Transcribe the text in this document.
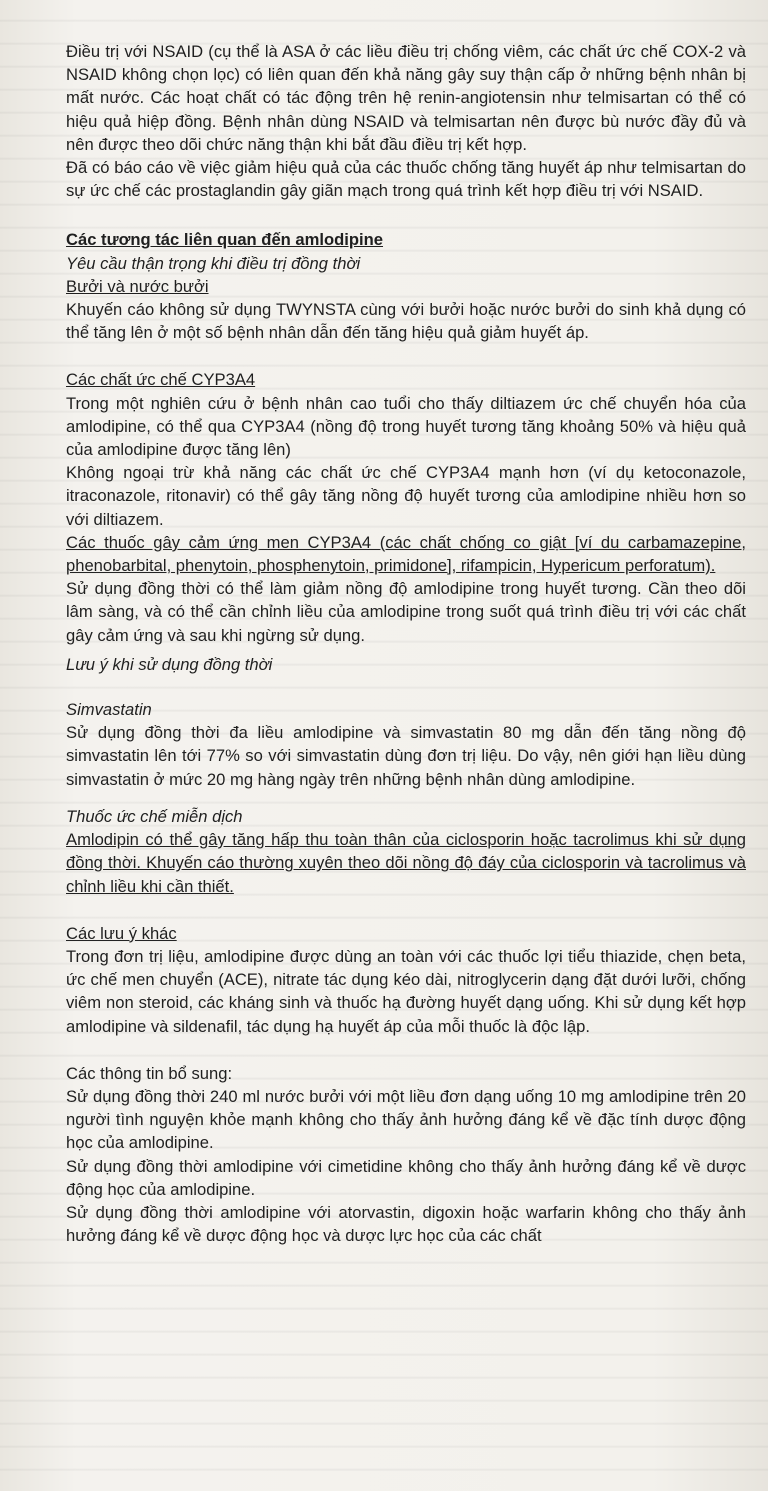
Điều trị với NSAID (cụ thể là ASA ở các liều điều trị chống viêm, các chất ức chế COX-2 và NSAID không chọn lọc) có liên quan đến khả năng gây suy thận cấp ở những bệnh nhân bị mất nước. Các hoạt chất có tác động trên hệ renin-angiotensin như telmisartan có thể có hiệu quả hiệp đồng. Bệnh nhân dùng NSAID và telmisartan nên được bù nước đầy đủ và nên được theo dõi chức năng thận khi bắt đầu điều trị kết hợp.

Đã có báo cáo về việc giảm hiệu quả của các thuốc chống tăng huyết áp như telmisartan do sự ức chế các prostaglandin gây giãn mạch trong quá trình kết hợp điều trị với NSAID.

Các tương tác liên quan đến amlodipine

Yêu cầu thận trọng khi điều trị đồng thời

Bưởi và nước bưởi

Khuyến cáo không sử dụng TWYNSTA cùng với bưởi hoặc nước bưởi do sinh khả dụng có thể tăng lên ở một số bệnh nhân dẫn đến tăng hiệu quả giảm huyết áp.

Các chất ức chế CYP3A4

Trong một nghiên cứu ở bệnh nhân cao tuổi cho thấy diltiazem ức chế chuyển hóa của amlodipine, có thể qua CYP3A4 (nồng độ trong huyết tương tăng khoảng 50% và hiệu quả của amlodipine được tăng lên)

Không ngoại trừ khả năng các chất ức chế CYP3A4 mạnh hơn (ví dụ ketoconazole, itraconazole, ritonavir) có thể gây tăng nồng độ huyết tương của amlodipine nhiều hơn so với diltiazem.

Các thuốc gây cảm ứng men CYP3A4 (các chất chống co giật [ví du carbamazepine, phenobarbital, phenytoin, phosphenytoin, primidone], rifampicin, Hypericum perforatum).

Sử dụng đồng thời có thể làm giảm nồng độ amlodipine trong huyết tương. Cần theo dõi lâm sàng, và có thể cần chỉnh liều của amlodipine trong suốt quá trình điều trị với các chất gây cảm ứng và sau khi ngừng sử dụng.

Lưu ý khi sử dụng đồng thời

Simvastatin

Sử dụng đồng thời đa liều amlodipine và simvastatin 80 mg dẫn đến tăng nồng độ simvastatin lên tới 77% so với simvastatin dùng đơn trị liệu. Do vậy, nên giới hạn liều dùng simvastatin ở mức 20 mg hàng ngày trên những bệnh nhân dùng amlodipine.

Thuốc ức chế miễn dịch

Amlodipin có thể gây tăng hấp thu toàn thân của ciclosporin hoặc tacrolimus khi sử dụng đồng thời. Khuyến cáo thường xuyên theo dõi nồng độ đáy của ciclosporin và tacrolimus và chỉnh liều khi cần thiết.

Các lưu ý khác

Trong đơn trị liệu, amlodipine được dùng an toàn với các thuốc lợi tiểu thiazide, chẹn beta, ức chế men chuyển (ACE), nitrate tác dụng kéo dài, nitroglycerin dạng đặt dưới lưỡi, chống viêm non steroid, các kháng sinh và thuốc hạ đường huyết dạng uống. Khi sử dụng kết hợp amlodipine và sildenafil, tác dụng hạ huyết áp của mỗi thuốc là độc lập.

Các thông tin bổ sung:

Sử dụng đồng thời 240 ml nước bưởi với một liều đơn dạng uống 10 mg amlodipine trên 20 người tình nguyện khỏe mạnh không cho thấy ảnh hưởng đáng kể về đặc tính dược động học của amlodipine.

Sử dụng đồng thời amlodipine với cimetidine không cho thấy ảnh hưởng đáng kể về dược động học của amlodipine.

Sử dụng đồng thời amlodipine với atorvastin, digoxin hoặc warfarin không cho thấy ảnh hưởng đáng kể về dược động học và dược lực học của các chất
